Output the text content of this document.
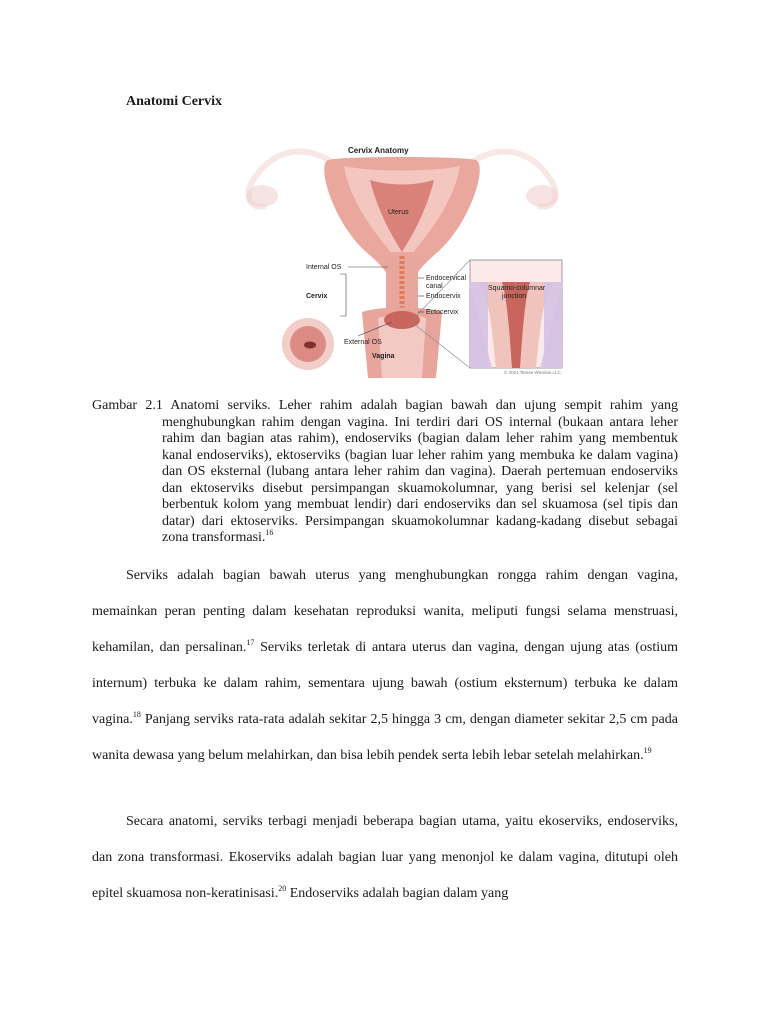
Anatomi Cervix
Cervix Anatomy
Uterus
Internal OS
Cervix
Endocervical
canal
Endocervix
Ectocervix
External OS
Vagina
Squamo-columnar
junction
© 2021 Terese Winslow LLC

Gambar 2.1 Anatomi serviks. Leher rahim adalah bagian bawah dan ujung sempit rahim yang menghubungkan rahim dengan vagina. Ini terdiri dari OS internal (bukaan antara leher rahim dan bagian atas rahim), endoserviks (bagian dalam leher rahim yang membentuk kanal endoserviks), ektoserviks (bagian luar leher rahim yang membuka ke dalam vagina) dan OS eksternal (lubang antara leher rahim dan vagina). Daerah pertemuan endoserviks dan ektoserviks disebut persimpangan skuamokolumnar, yang berisi sel kelenjar (sel berbentuk kolom yang membuat lendir) dari endoserviks dan sel skuamosa (sel tipis dan datar) dari ektoserviks. Persimpangan skuamokolumnar kadang-kadang disebut sebagai zona transformasi.$^{16}$

Serviks adalah bagian bawah uterus yang menghubungkan rongga rahim dengan vagina, memainkan peran penting dalam kesehatan reproduksi wanita, meliputi fungsi selama menstruasi, kehamilan, dan persalinan.$^{17}$ Serviks terletak di antara uterus dan vagina, dengan ujung atas (ostium internum) terbuka ke dalam rahim, sementara ujung bawah (ostium eksternum) terbuka ke dalam vagina.$^{18}$ Panjang serviks rata-rata adalah sekitar 2,5 hingga 3 cm, dengan diameter sekitar 2,5 cm pada wanita dewasa yang belum melahirkan, dan bisa lebih pendek serta lebih lebar setelah melahirkan.$^{19}$

Secara anatomi, serviks terbagi menjadi beberapa bagian utama, yaitu ekoserviks, endoserviks, dan zona transformasi. Ekoserviks adalah bagian luar yang menonjol ke dalam vagina, ditutupi oleh epitel skuamosa non-keratinisasi.$^{20}$ Endoserviks adalah bagian dalam yang
